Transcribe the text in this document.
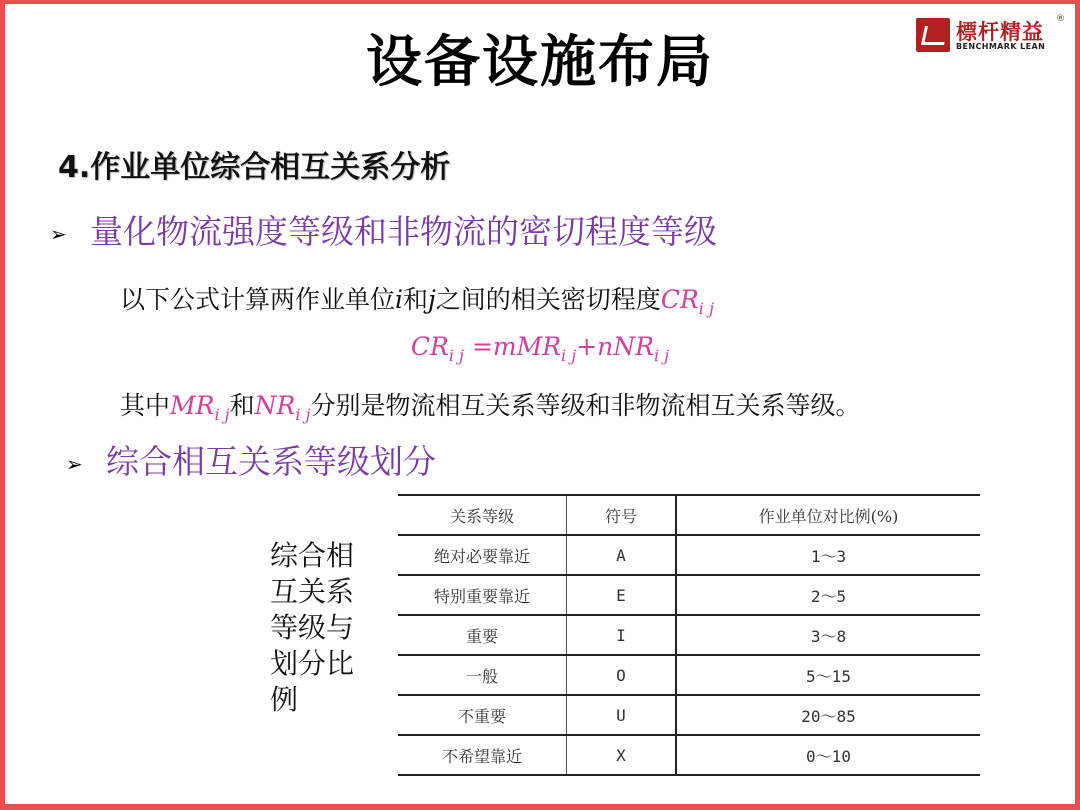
设备设施布局	標杆精益
®
BENCHMARK LEAN
4.作业单位综合相互关系分析
➢ 量化物流强度等级和非物流的密切程度等级
以下公式计算两作业单位i和j之间的相关密切程度$CR_{i j}$
$CR_{i j} =mMR_{i j}+nNR_{i j}$
其中$MR_{i j}$和$NR_{i j}$分别是物流相互关系等级和非物流相互关系等级。
➢ 综合相互关系等级划分
综合相互关系等级与划分比例
关系等级	符号	作业单位对比例(%)
绝对必要靠近	A	1～3
特别重要靠近	E	2～5
重要	I	3～8
一般	O	5～15
不重要	U	20～85
不希望靠近	X	0～10
